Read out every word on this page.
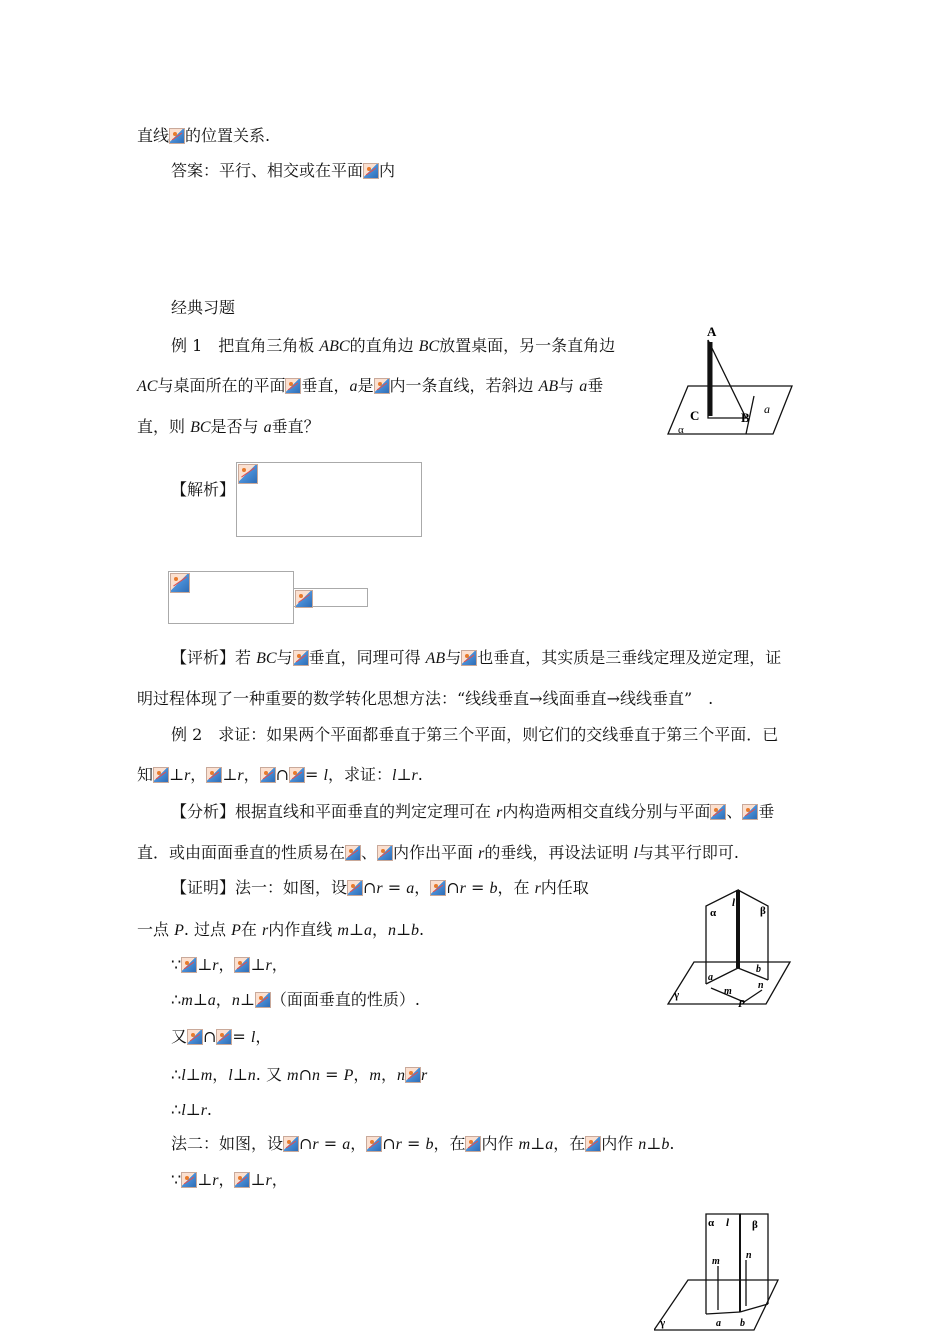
直线 的位置关系.
答案：平行、相交或在平面 内
经典习题
例 1　把直角三角板 ABC的直角边 BC放置桌面，另一条直角边
AC与桌面所在的平面 垂直，a是 内一条直线，若斜边 AB与 a垂
直，则 BC是否与 a垂直？
A
C	B
a
α
【解析】
【评析】若 BC与 垂直，同理可得 AB与 也垂直，其实质是三垂线定理及逆定理，证
明过程体现了一种重要的数学转化思想方法：“线线垂直→线面垂直→线线垂直”　.
例 2　求证：如果两个平面都垂直于第三个平面，则它们的交线垂直于第三个平面．已
知 ⊥r， ⊥r， ∩ = l，求证：l⊥r.
【分析】根据直线和平面垂直的判定定理可在 r内构造两相交直线分别与平面 、 垂
直．或由面面垂直的性质易在 、 内作出平面 r的垂线，再设法证明 l与其平行即可.
【证明】法一：如图，设 ∩r = a， ∩r = b，在 r内任取
一点 P. 过点 P在 r内作直线 m⊥a，n⊥b.
∵ ⊥r， ⊥r，
∴m⊥a，n⊥ （面面垂直的性质）.
又 ∩ = l，
∴l⊥m，l⊥n. 又 m∩n = P，m，n r
∴l⊥r.
法二：如图，设 ∩r = a， ∩r = b，在 内作 m⊥a，在 内作 n⊥b.
∵ ⊥r， ⊥r，
α
l
β
γ
a
b
m
n
P
α l β
γ
m
n
a b
